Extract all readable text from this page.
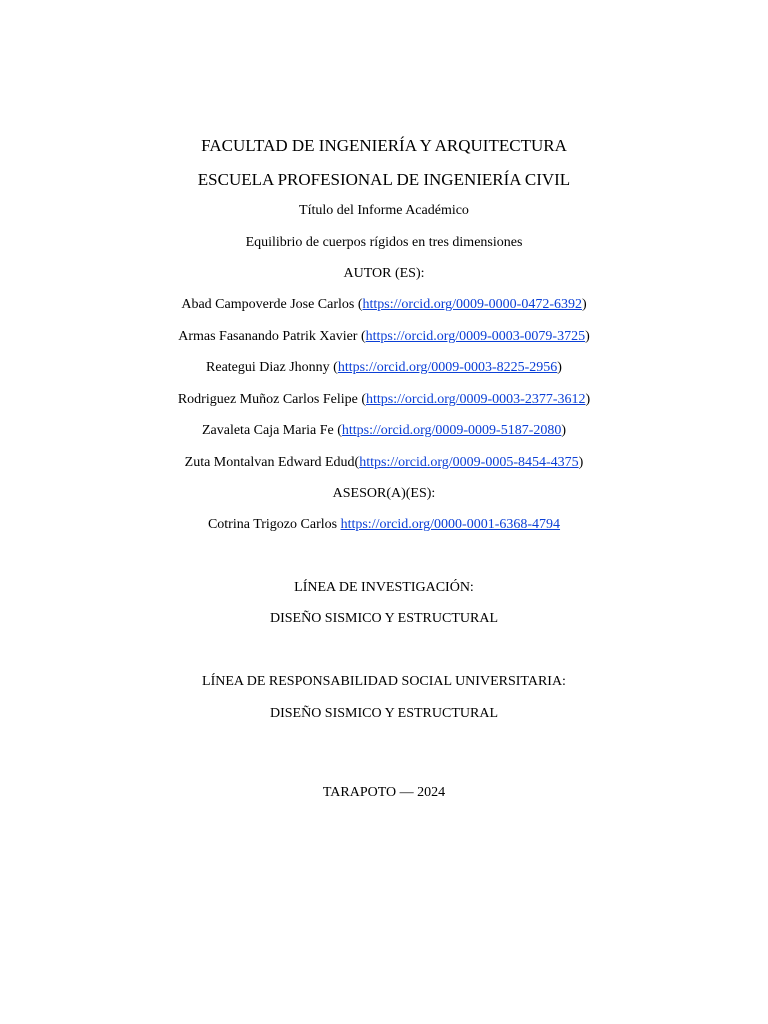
FACULTAD DE INGENIERÍA Y ARQUITECTURA
ESCUELA PROFESIONAL DE INGENIERÍA CIVIL
Título del Informe Académico
Equilibrio de cuerpos rígidos en tres dimensiones
AUTOR (ES):
Abad Campoverde Jose Carlos (https://orcid.org/0009-0000-0472-6392)
Armas Fasanando Patrik Xavier (https://orcid.org/0009-0003-0079-3725)
Reategui Diaz Jhonny (https://orcid.org/0009-0003-8225-2956)
Rodriguez Muñoz Carlos Felipe (https://orcid.org/0009-0003-2377-3612)
Zavaleta Caja Maria Fe (https://orcid.org/0009-0009-5187-2080)
Zuta Montalvan Edward Edud(https://orcid.org/0009-0005-8454-4375)
ASESOR(A)(ES):
Cotrina Trigozo Carlos https://orcid.org/0000-0001-6368-4794
LÍNEA DE INVESTIGACIÓN:
DISEÑO SISMICO Y ESTRUCTURAL
LÍNEA DE RESPONSABILIDAD SOCIAL UNIVERSITARIA:
DISEÑO SISMICO Y ESTRUCTURAL
TARAPOTO — 2024
